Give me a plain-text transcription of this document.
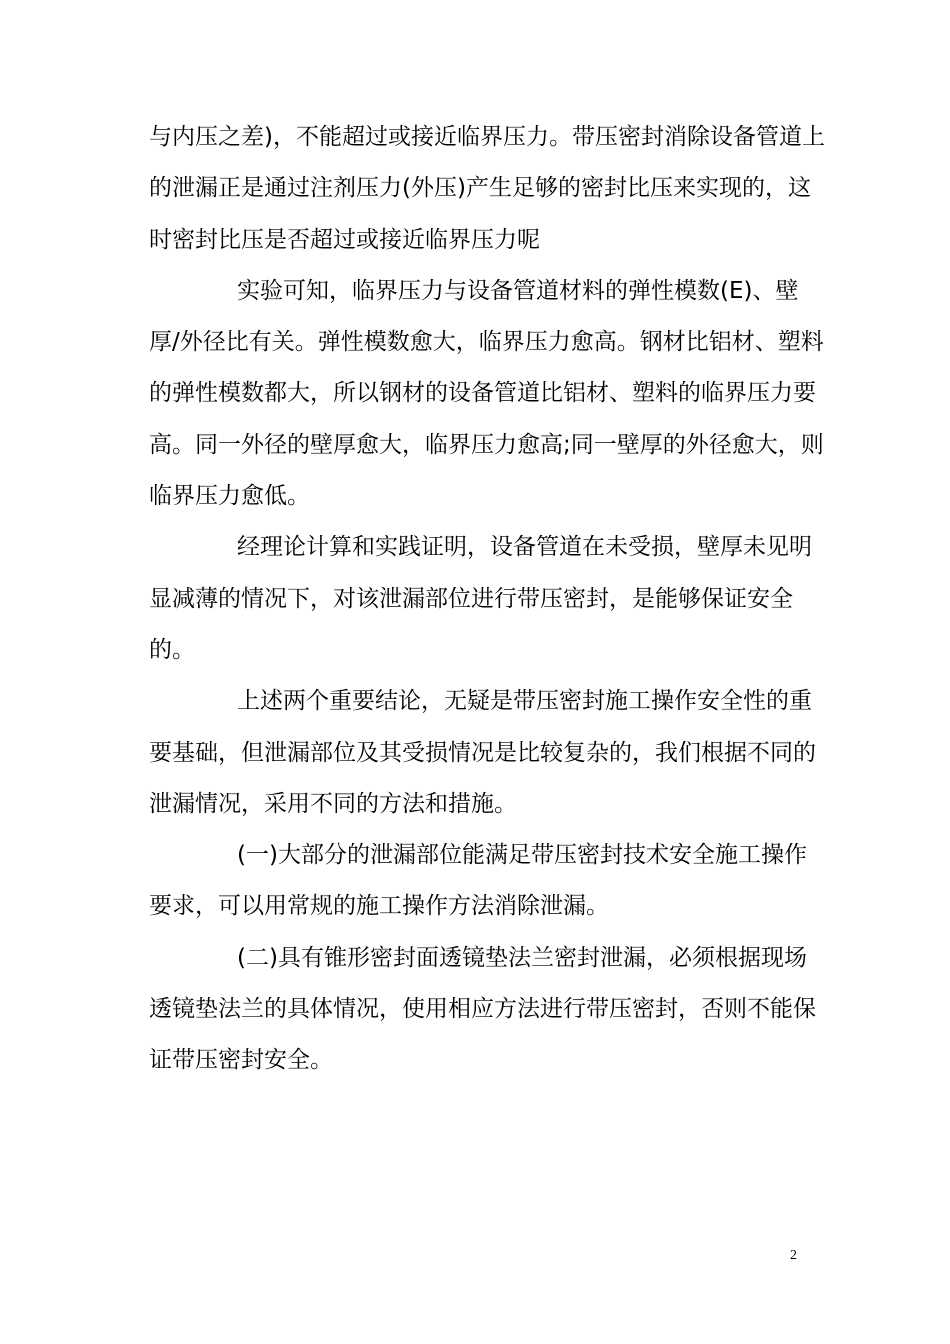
与内压之差)，不能超过或接近临界压力。带压密封消除设备管道上
的泄漏正是通过注剂压力(外压)产生足够的密封比压来实现的，这
时密封比压是否超过或接近临界压力呢
实验可知，临界压力与设备管道材料的弹性模数(E)、壁
厚/外径比有关。弹性模数愈大，临界压力愈高。钢材比铝材、塑料
的弹性模数都大，所以钢材的设备管道比铝材、塑料的临界压力要
高。同一外径的壁厚愈大，临界压力愈高;同一壁厚的外径愈大，则
临界压力愈低。
经理论计算和实践证明，设备管道在未受损，壁厚未见明
显减薄的情况下，对该泄漏部位进行带压密封，是能够保证安全
的。
上述两个重要结论，无疑是带压密封施工操作安全性的重
要基础，但泄漏部位及其受损情况是比较复杂的，我们根据不同的
泄漏情况，采用不同的方法和措施。
(一)大部分的泄漏部位能满足带压密封技术安全施工操作
要求，可以用常规的施工操作方法消除泄漏。
(二)具有锥形密封面透镜垫法兰密封泄漏，必须根据现场
透镜垫法兰的具体情况，使用相应方法进行带压密封，否则不能保
证带压密封安全。
2
